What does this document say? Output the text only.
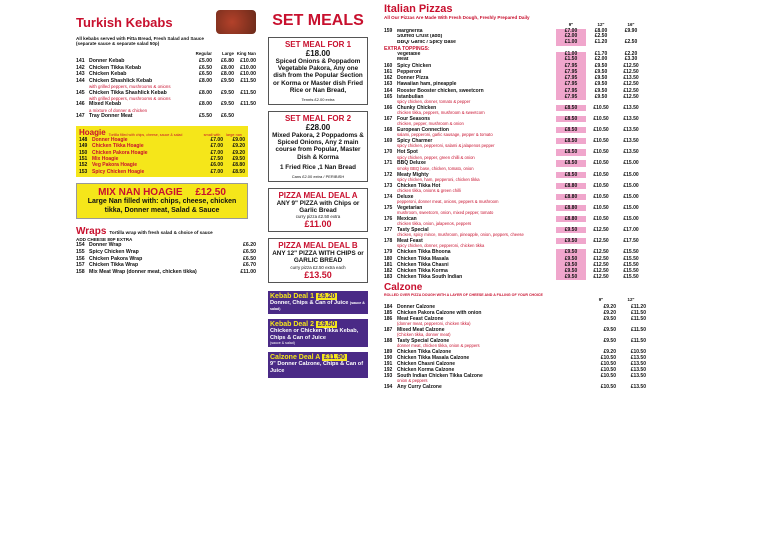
Turkish Kebabs
All kebabs served with Pitta Bread, Fresh Salad and Sauce
(separate sauce & separate salad 50p)
Regular	Large King Nan
141 Donner Kebab	£5.00	£6.80	£10.00
142 Chicken Tikka Kebab	£6.50	£8.00	£10.00
143 Chicken Kebab	£6.50	£8.00	£10.00
144 Chicken Shashlick Kebab	£8.00	£9.50	£11.50
with grilled peppers, mushrooms & onions
145 Chicken Tikka Shashlick Kebab	£8.00	£9.50	£11.50
with grilled peppers, mushrooms & onions
146 Mixed Kebab	£8.00	£9.50	£11.50
a mixture of donner & chicken
147 Tray Donner Meat	£5.50	£6.50
Hoagie Tortilla filled with chips, cheese, sauce & salad	small with	large nan
148 Donner Hoagie	£7.00	£9.00
149 Chicken Tikka Hoagie	£7.00	£9.20
150 Chicken Pakora Hoagie	£7.00	£9.20
151 Mix Hoagie	£7.50	£9.50
152 Veg Pakora Hoagie	£6.00	£8.80
153 Spicy Chicken Hoagie	£7.00	£8.50
MIX NAN HOAGIE £12.50
Large Nan filled with: chips, cheese, chicken tikka, Donner meat, Salad & Sauce
Wraps Tortilla wrap with fresh salad & choice of sauce
ADD CHEESE 80P EXTRA
154 Donner Wrap	£6.20
155 Spicy Chicken Wrap	£6.50
156 Chicken Pakora Wrap	£6.50
157 Chicken Tikka Wrap	£6.70
158 Mix Meat Wrap (donner meat, chicken tikka)	£11.00
SET MEALS
SET MEAL FOR 1
£18.00
Spiced Onions & Poppadom Vegetable Pakora, Any one dish from the Popular Section or Korma or Master dish Fried Rice or Nan Bread,
Tennts £2.00 extra
SET MEAL FOR 2
£28.00
Mixed Pakora, 2 Poppadoms & Spiced Onions, Any 2 main course from Popular, Master Dish & Korma
1 Fried Rice ,1 Nan Bread
Cans £2.00 extra / PERIBISH
PIZZA MEAL DEAL A
ANY 9" PIZZA with Chips or Garlic Bread
curry pizza £2.50 extra
£11.00
PIZZA MEAL DEAL B
ANY 12" PIZZA WITH CHIPS or GARLIC BREAD
curry pizza £2.50 extra each
£13.50
Kebab Deal 1 £9.20
Donner, Chips & Can of Juice (sauce & salad)
Kebab Deal 2 £9.50
Chicken or Chicken Tikka Kebab, Chips & Can of Juice
(sauce & salad)
Calzone Deal A £11.90
9" Donner Calzone, Chips & Can of Juice
Italian Pizzas
All Our Pizzas Are Made With Fresh Dough, Freshly Prepared Daily
9"	12"	16"
159 Margherita	£7.00	£8.00	£9.90
Stuffed Crust (add)	£2.00	£2.50
BBQ/ Garlic / Spicy Base	£1.00	£1.20	£2.50
EXTRA TOPPINGS:
Vegetable	£1.00	£1.70	£2.20
Meat	£1.50	£2.00	£3.30
160 Spicy Chicken	£7.95	£9.50	£12.50
161 Pepperoni	£7.95	£9.50	£12.50
162 Donner Pizza	£7.95	£9.50	£13.50
163 Hawaiian ham, pineapple	£7.95	£9.50	£12.50
164 Rooster Booster chicken, sweetcorn	£7.95	£9.50	£12.50
165 Istanbulian	£7.95	£9.50	£12.50
spicy chicken, donner, tomato & pepper
166 Chunky Chicken	£8.50	£10.50	£13.50
chicken tikka, peppers, mushroom & sweetcorn
167 Four Seasons	£8.50	£10.50	£13.50
chicken, pepper, mushroom & onion
168 European Connection	£8.50	£10.50	£13.50
salami, pepperoni, garlic sausage, pepper & tomato
169 Spicy Charmer	£8.50	£10.50	£13.50
spicy chicken, pepperoni, salami & jalapenos pepper
170 Hot Spot	£8.50	£10.50	£13.50
spicy chicken, pepper, green chilli & onion
171 BBQ Deluxe	£8.50	£10.50	£15.00
smoky BBQ base, chicken, tomato, onion
172 Meaty Mighty	£8.50	£10.50	£15.00
spicy chicken, ham, pepperoni, chicken tikka
173 Chicken Tikka Hot	£8.80	£10.50	£15.00
chicken tikka, onions & green chilli
174 Deluxe	£8.80	£10.50	£15.00
pepperoni, donner meat, onions, peppers & mushroom
175 Vegetarian	£8.80	£10.50	£15.00
mushroom, sweetcorn, onion, mixed pepper, tomato
176 Mexican	£8.80	£10.50	£15.00
chicken tikka, onion, jalapenos, peppers
177 Tasty Special	£9.50	£12.50	£17.00
chicken, spicy mince, mushroom, pineapple, onion, peppers, cheese
178 Meat Feast	£9.50	£12.50	£17.50
spicy chicken, donner, pepperoni, chicken tikka
179 Chicken Tikka Bhoona	£9.50	£12.50	£15.50
180 Chicken Tikka Masala	£9.50	£12.50	£15.50
181 Chicken Tikka Chasni	£9.50	£12.50	£15.50
182 Chicken Tikka Korma	£9.50	£12.50	£15.50
183 Chicken Tikka South Indian	£9.50	£12.50	£15.50
Calzone
ROLLED OVER PIZZA DOUGH WITH A LAYER OF CHEESE AND A FILLING OF YOUR CHOICE
9"	12"
184 Donner Calzone	£9.20	£11.20
185 Chicken Pakora Calzone with onion	£9.20	£11.50
186 Meat Feast Calzone	£9.50	£11.50
(donner meat, pepperoni, chicken tikka)
187 Mixed Meat Calzone	£9.50	£11.50
(Chicken tikka, donner meat)
188 Tasty Special Calzone	£9.50	£11.50
donner meat, chicken tikka, onion & peppers
189 Chicken Tikka Calzone	£9.20	£10.50
190 Chicken Tikka Masala Calzone	£10.50	£13.50
191 Chicken Chasni Calzone	£10.50	£13.50
192 Chicken Korma Calzone	£10.50	£13.50
193 South Indian Chicken Tikka Calzone	£10.50	£13.50
onion & peppers
194 Any Curry Calzone	£10.50	£13.50
